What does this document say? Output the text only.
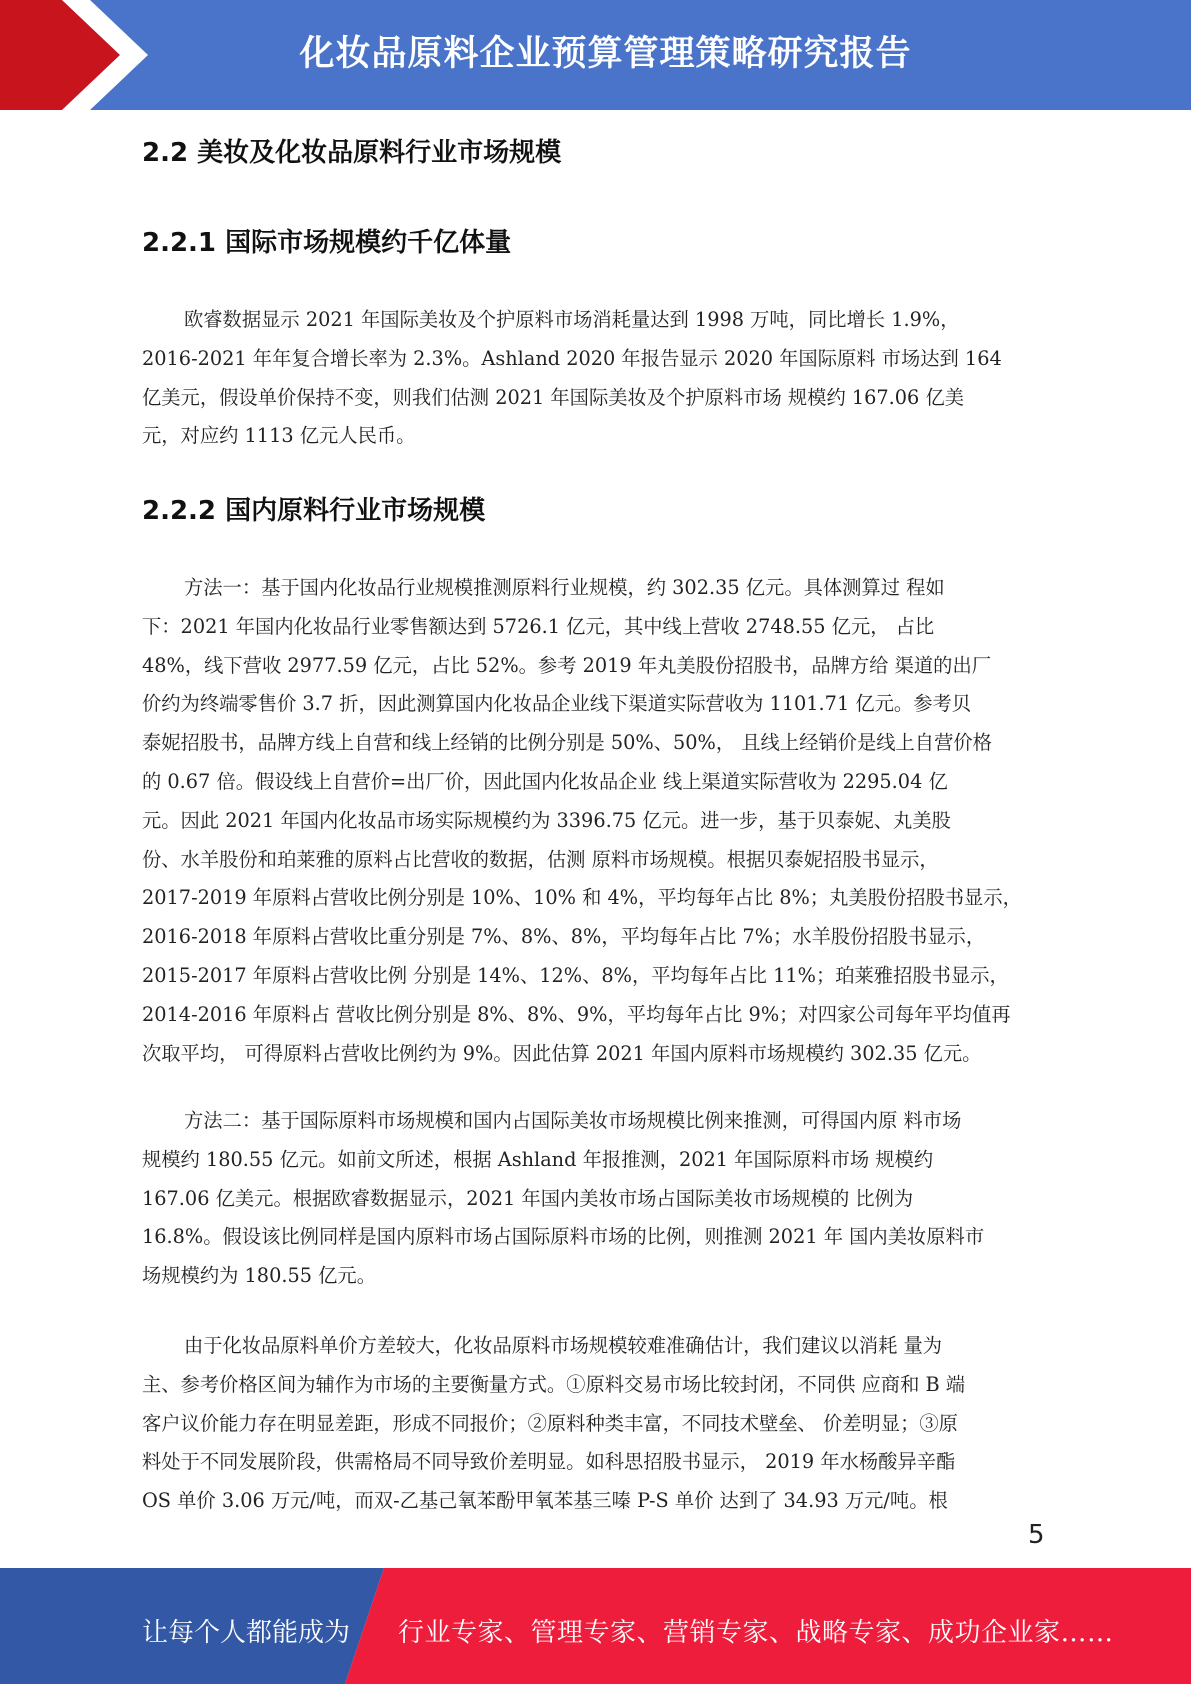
化妆品原料企业预算管理策略研究报告
2.2 美妆及化妆品原料行业市场规模
2.2.1 国际市场规模约千亿体量
欧睿数据显示 2021 年国际美妆及个护原料市场消耗量达到 1998 万吨，同比增长 1.9%，
2016-2021 年年复合增长率为 2.3%。Ashland 2020 年报告显示 2020 年国际原料 市场达到 164
亿美元，假设单价保持不变，则我们估测 2021 年国际美妆及个护原料市场 规模约 167.06 亿美
元，对应约 1113 亿元人民币。
2.2.2 国内原料行业市场规模
方法一：基于国内化妆品行业规模推测原料行业规模，约 302.35 亿元。具体测算过 程如
下：2021 年国内化妆品行业零售额达到 5726.1 亿元，其中线上营收 2748.55 亿元， 占比
48%，线下营收 2977.59 亿元，占比 52%。参考 2019 年丸美股份招股书，品牌方给 渠道的出厂
价约为终端零售价 3.7 折，因此测算国内化妆品企业线下渠道实际营收为 1101.71 亿元。参考贝
泰妮招股书，品牌方线上自营和线上经销的比例分别是 50%、50%， 且线上经销价是线上自营价格
的 0.67 倍。假设线上自营价=出厂价，因此国内化妆品企业 线上渠道实际营收为 2295.04 亿
元。因此 2021 年国内化妆品市场实际规模约为 3396.75 亿元。进一步，基于贝泰妮、丸美股
份、水羊股份和珀莱雅的原料占比营收的数据，估测 原料市场规模。根据贝泰妮招股书显示，
2017-2019 年原料占营收比例分别是 10%、10% 和 4%，平均每年占比 8%；丸美股份招股书显示，
2016-2018 年原料占营收比重分别是 7%、8%、8%，平均每年占比 7%；水羊股份招股书显示，
2015-2017 年原料占营收比例 分别是 14%、12%、8%，平均每年占比 11%；珀莱雅招股书显示，
2014-2016 年原料占 营收比例分别是 8%、8%、9%，平均每年占比 9%；对四家公司每年平均值再
次取平均， 可得原料占营收比例约为 9%。因此估算 2021 年国内原料市场规模约 302.35 亿元。
方法二：基于国际原料市场规模和国内占国际美妆市场规模比例来推测，可得国内原 料市场
规模约 180.55 亿元。如前文所述，根据 Ashland 年报推测，2021 年国际原料市场 规模约
167.06 亿美元。根据欧睿数据显示，2021 年国内美妆市场占国际美妆市场规模的 比例为
16.8%。假设该比例同样是国内原料市场占国际原料市场的比例，则推测 2021 年 国内美妆原料市
场规模约为 180.55 亿元。
由于化妆品原料单价方差较大，化妆品原料市场规模较难准确估计，我们建议以消耗 量为
主、参考价格区间为辅作为市场的主要衡量方式。①原料交易市场比较封闭，不同供 应商和 B 端
客户议价能力存在明显差距，形成不同报价；②原料种类丰富，不同技术壁垒、 价差明显；③原
料处于不同发展阶段，供需格局不同导致价差明显。如科思招股书显示， 2019 年水杨酸异辛酯
OS 单价 3.06 万元/吨，而双-乙基己氧苯酚甲氧苯基三嗪 P-S 单价 达到了 34.93 万元/吨。根
5
让每个人都能成为 行业专家、管理专家、营销专家、战略专家、成功企业家……
